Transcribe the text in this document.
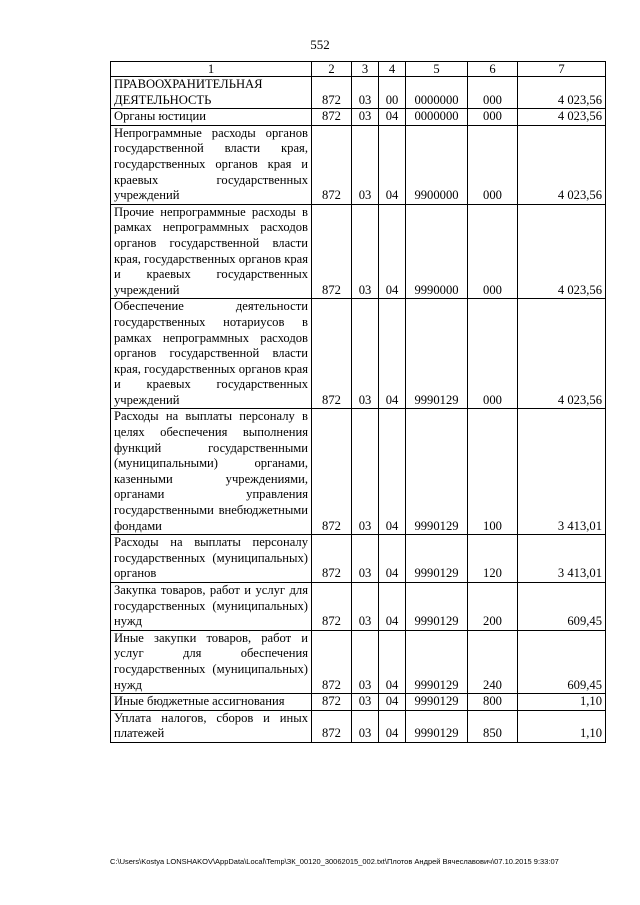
552
1	2	3	4	5	6	7
ПРАВООХРАНИТЕЛЬНАЯ ДЕЯТЕЛЬНОСТЬ	872	03	00	0000000	000	4 023,56
Органы юстиции	872	03	04	0000000	000	4 023,56
Непрограммные расходы органов государственной власти края, государственных органов края и краевых государственных учреждений	872	03	04	9900000	000	4 023,56
Прочие непрограммные расходы в рамках непрограммных расходов органов государственной власти края, государственных органов края и краевых государственных учреждений	872	03	04	9990000	000	4 023,56
Обеспечение деятельности государственных нотариусов в рамках непрограммных расходов органов государственной власти края, государственных органов края и краевых государственных учреждений	872	03	04	9990129	000	4 023,56
Расходы на выплаты персоналу в целях обеспечения выполнения функций государственными (муниципальными) органами, казенными учреждениями, органами управления государственными внебюджетными фондами	872	03	04	9990129	100	3 413,01
Расходы на выплаты персоналу государственных (муниципальных) органов	872	03	04	9990129	120	3 413,01
Закупка товаров, работ и услуг для государственных (муниципальных) нужд	872	03	04	9990129	200	609,45
Иные закупки товаров, работ и услуг для обеспечения государственных (муниципальных) нужд	872	03	04	9990129	240	609,45
Иные бюджетные ассигнования	872	03	04	9990129	800	1,10
Уплата налогов, сборов и иных платежей	872	03	04	9990129	850	1,10
C:\Users\Kostya LONSHAKOV\AppData\Local\Temp\ЗК_00120_30062015_002.txt\Плотов Андрей Вячеславович\07.10.2015 9:33:07
